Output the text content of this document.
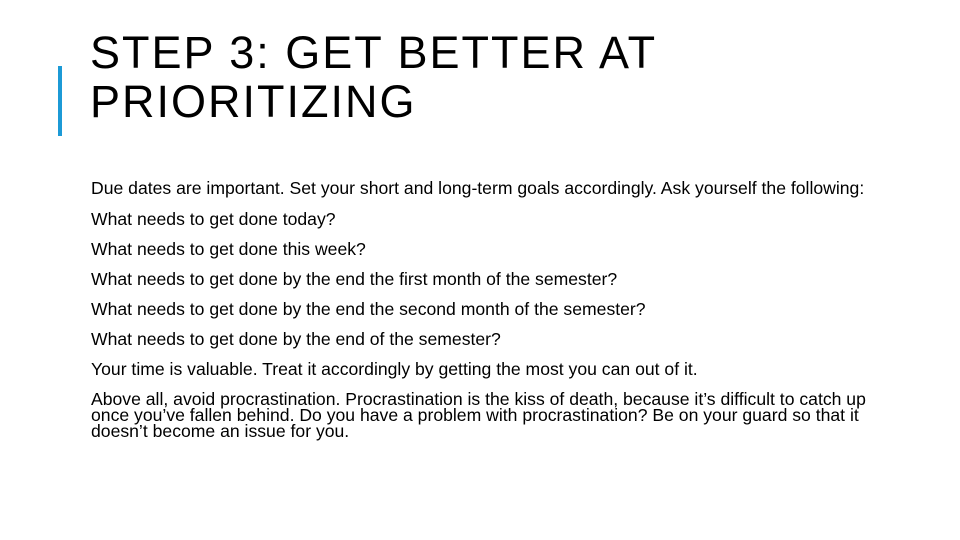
STEP 3: GET BETTER AT
PRIORITIZING

Due dates are important. Set your short and long-term goals accordingly. Ask yourself the following:

What needs to get done today?

What needs to get done this week?

What needs to get done by the end the first month of the semester?

What needs to get done by the end the second month of the semester?

What needs to get done by the end of the semester?

Your time is valuable. Treat it accordingly by getting the most you can out of it.

Above all, avoid procrastination. Procrastination is the kiss of death, because it’s difficult to catch up once you’ve fallen behind. Do you have a problem with procrastination? Be on your guard so that it doesn’t become an issue for you.
